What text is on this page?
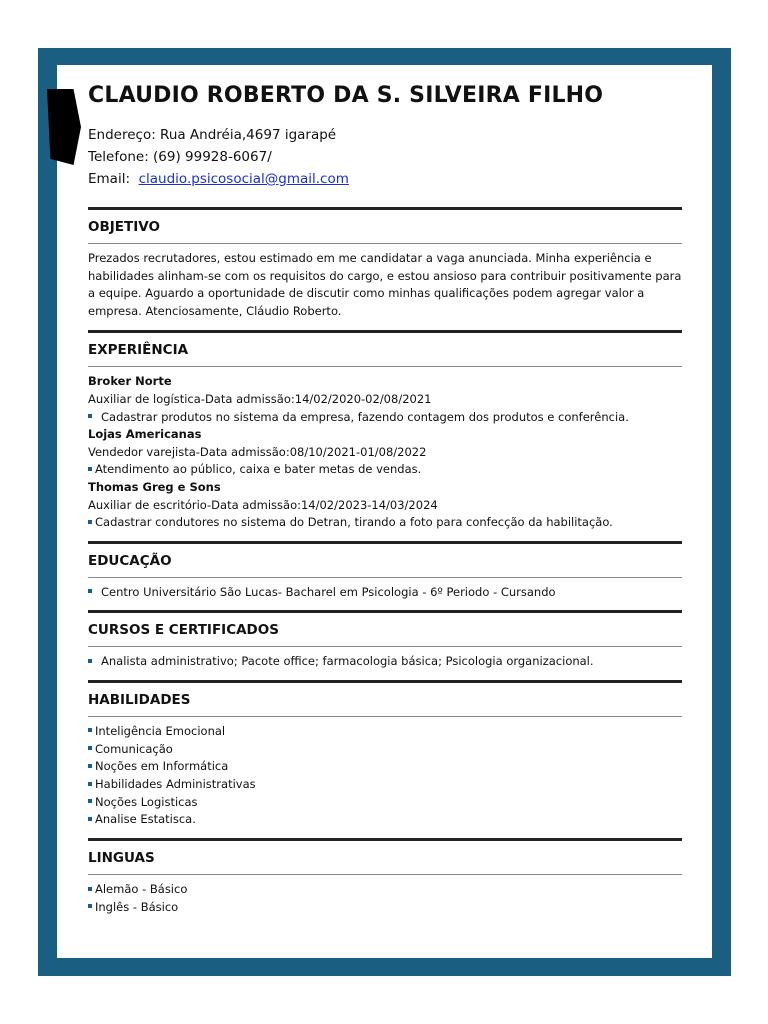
CLAUDIO ROBERTO DA S. SILVEIRA FILHO
Endereço: Rua Andréia,4697 igarapé
Telefone: (69) 99928-6067/
Email: claudio.psicosocial@gmail.com
OBJETIVO
Prezados recrutadores, estou estimado em me candidatar a vaga anunciada. Minha experiência e habilidades alinham-se com os requisitos do cargo, e estou ansioso para contribuir positivamente para a equipe. Aguardo a oportunidade de discutir como minhas qualificações podem agregar valor a empresa. Atenciosamente, Cláudio Roberto.
EXPERIÊNCIA
Broker Norte
Auxiliar de logística-Data admissão:14/02/2020-02/08/2021
Cadastrar produtos no sistema da empresa, fazendo contagem dos produtos e conferência.
Lojas Americanas
Vendedor varejista-Data admissão:08/10/2021-01/08/2022
Atendimento ao público, caixa e bater metas de vendas.
Thomas Greg e Sons
Auxiliar de escritório-Data admissão:14/02/2023-14/03/2024
Cadastrar condutores no sistema do Detran, tirando a foto para confecção da habilitação.
EDUCAÇÃO
Centro Universitário São Lucas- Bacharel em Psicologia - 6º Periodo - Cursando
CURSOS E CERTIFICADOS
Analista administrativo; Pacote office; farmacologia básica; Psicologia organizacional.
HABILIDADES
Inteligência Emocional
Comunicação
Noções em Informática
Habilidades Administrativas
Noções Logisticas
Analise Estatisca.
LINGUAS
Alemão - Básico
Inglês - Básico
